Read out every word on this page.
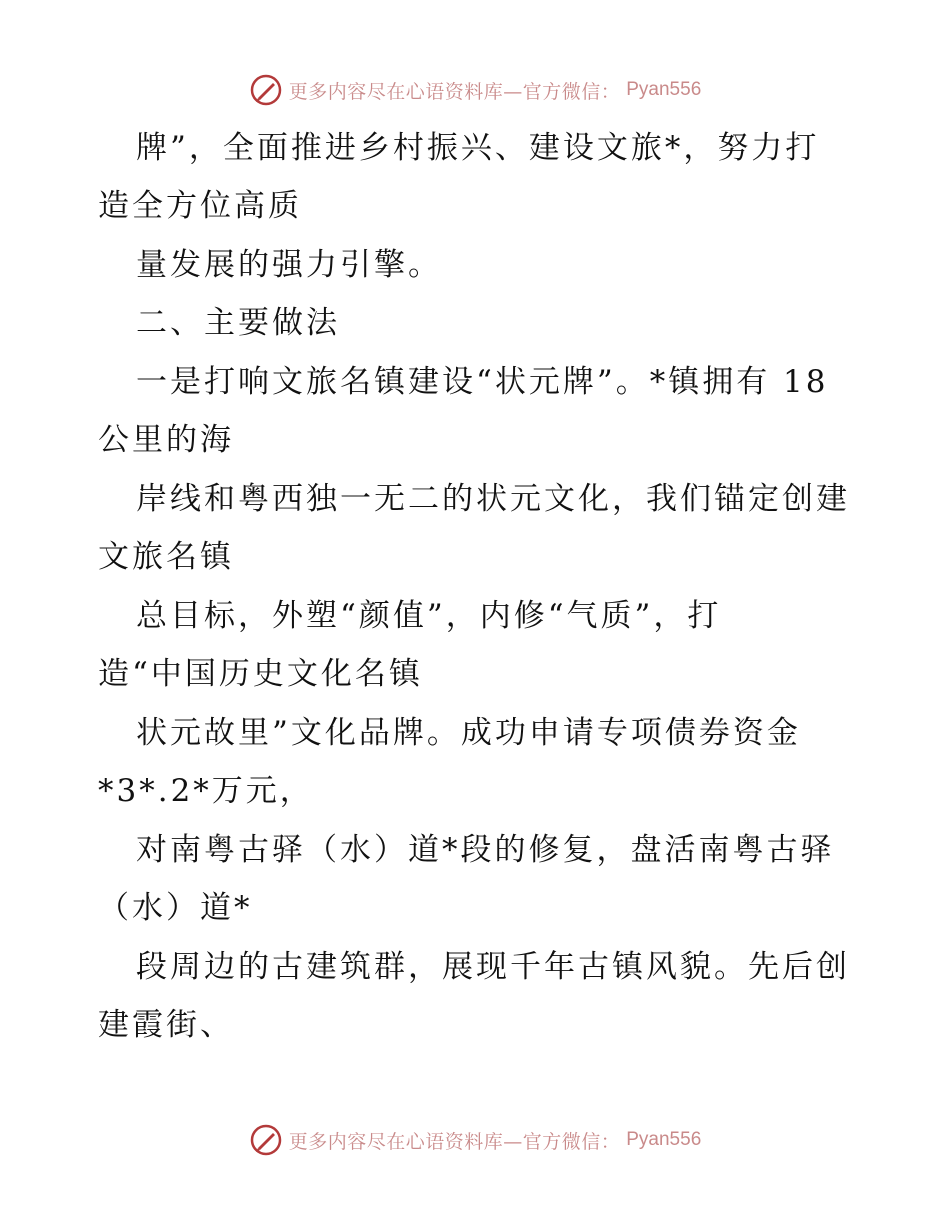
更多内容尽在心语资料库—官方微信： Pyan556
牌”，全面推进乡村振兴、建设文旅*，努力打
造全方位高质
量发展的强力引擎。
二、主要做法
一是打响文旅名镇建设“状元牌”。*镇拥有 18
公里的海
岸线和粤西独一无二的状元文化，我们锚定创建
文旅名镇
总目标，外塑“颜值”，内修“气质”，打
造“中国历史文化名镇
状元故里”文化品牌。成功申请专项债券资金
*3*.2*万元，
对南粤古驿（水）道*段的修复，盘活南粤古驿
（水）道*
段周边的古建筑群，展现千年古镇风貌。先后创
建霞街、
更多内容尽在心语资料库—官方微信： Pyan556
